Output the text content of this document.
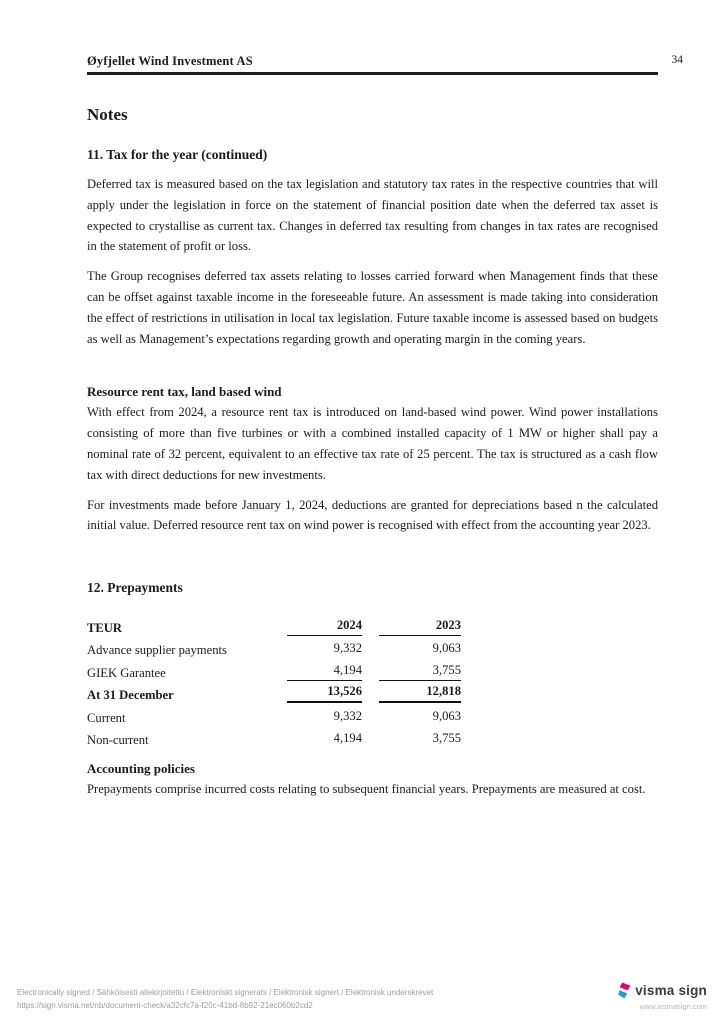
Øyfjellet Wind Investment AS	34
Notes
11. Tax for the year (continued)

Deferred tax is measured based on the tax legislation and statutory tax rates in the respective countries that will apply under the legislation in force on the statement of financial position date when the deferred tax asset is expected to crystallise as current tax. Changes in deferred tax resulting from changes in tax rates are recognised in the statement of profit or loss.

The Group recognises deferred tax assets relating to losses carried forward when Management finds that these can be offset against taxable income in the foreseeable future. An assessment is made taking into consideration the effect of restrictions in utilisation in local tax legislation. Future taxable income is assessed based on budgets as well as Management’s expectations regarding growth and operating margin in the coming years.

Resource rent tax, land based wind

With effect from 2024, a resource rent tax is introduced on land-based wind power. Wind power installations consisting of more than five turbines or with a combined installed capacity of 1 MW or higher shall pay a nominal rate of 32 percent, equivalent to an effective tax rate of 25 percent. The tax is structured as a cash flow tax with direct deductions for new investments.

For investments made before January 1, 2024, deductions are granted for depreciations based n the calculated initial value. Deferred resource rent tax on wind power is recognised with effect from the accounting year 2023.

12. Prepayments
TEUR	2024	2023
Advance supplier payments	9,332	9,063
GIEK Garantee	4,194	3,755
At 31 December	13,526	12,818
Current	9,332	9,063
Non-current	4,194	3,755
Accounting policies

Prepayments comprise incurred costs relating to subsequent financial years. Prepayments are measured at cost.

Electronically signed / Sähköisesti allekirjoitettu / Elektroniskt signerats / Elektronisk signert / Elektronisk underskrevet
https://sign.visma.net/nb/document-check/a32cfc7a-f20c-41bd-8b92-21ec060b2cd2
visma sign
www.vismasign.com
